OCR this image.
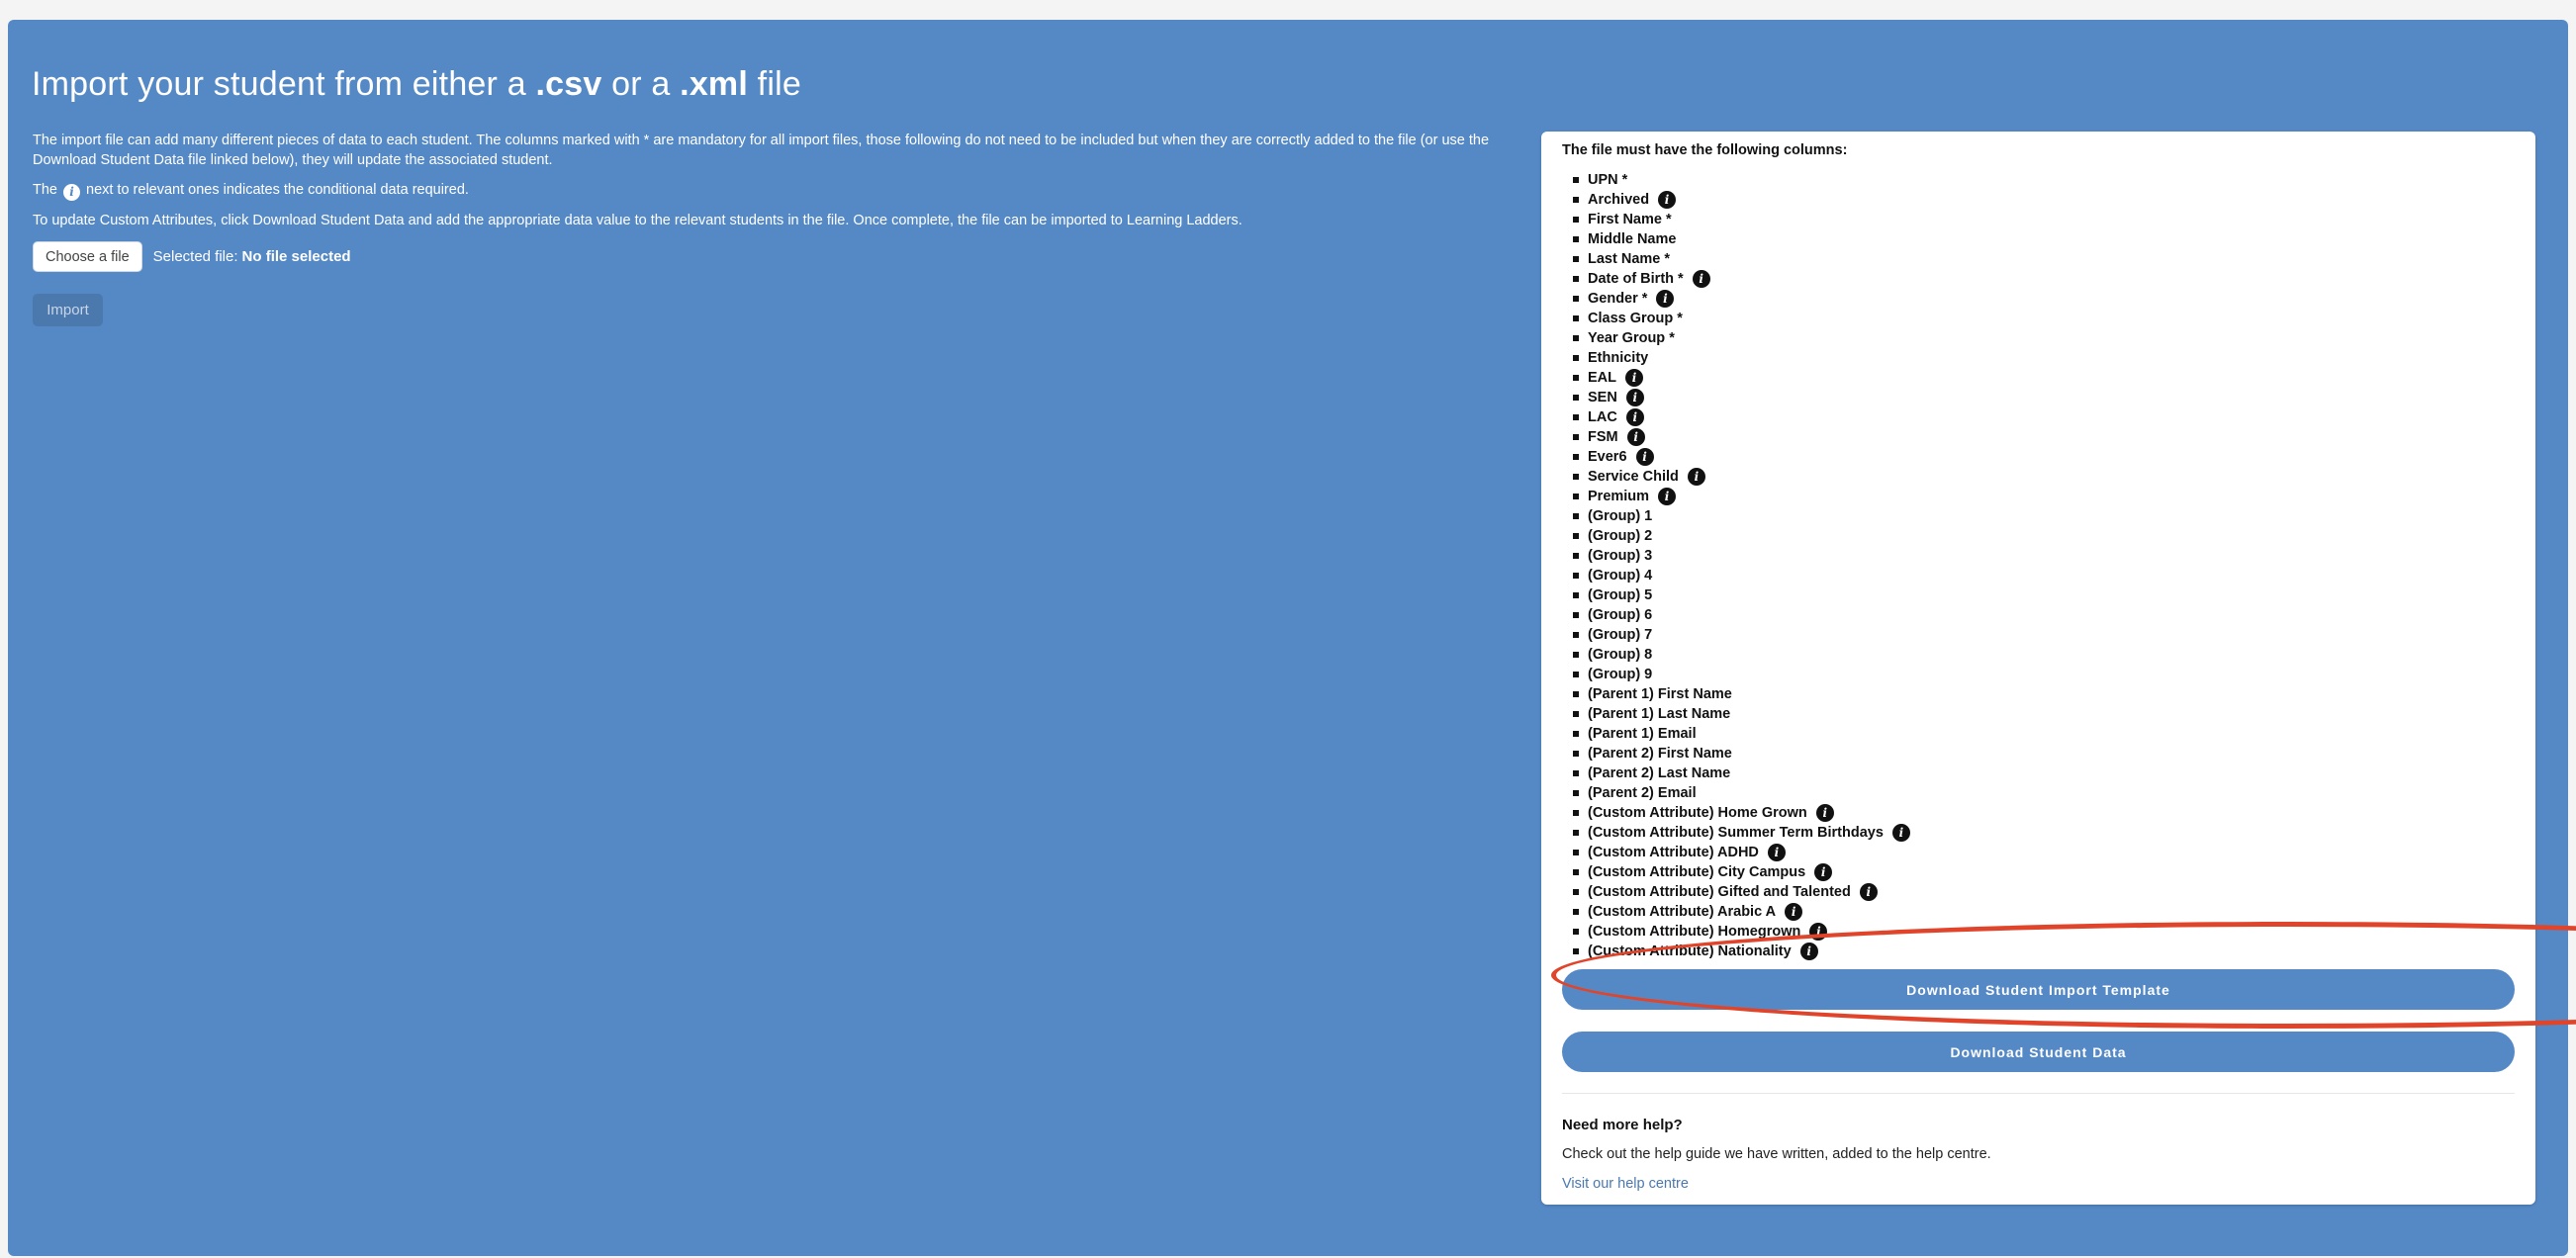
Import your student from either a .csv or a .xml file

The import file can add many different pieces of data to each student. The columns marked with * are mandatory for all import files, those following do not need to be included but when they are correctly added to the file (or use the Download Student Data file linked below), they will update the associated student.

The i next to relevant ones indicates the conditional data required.

To update Custom Attributes, click Download Student Data and add the appropriate data value to the relevant students in the file. Once complete, the file can be imported to Learning Ladders.

Choose a file	Selected file: No file selected
Import
The file must have the following columns:
UPN *
Archived	i
First Name *
Middle Name
Last Name *
Date of Birth *	i
Gender *	i
Class Group *
Year Group *
Ethnicity
EAL	i
SEN	i
LAC	i
FSM	i
Ever6	i
Service Child	i
Premium	i
(Group) 1
(Group) 2
(Group) 3
(Group) 4
(Group) 5
(Group) 6
(Group) 7
(Group) 8
(Group) 9
(Parent 1) First Name
(Parent 1) Last Name
(Parent 1) Email
(Parent 2) First Name
(Parent 2) Last Name
(Parent 2) Email
(Custom Attribute) Home Grown	i
(Custom Attribute) Summer Term Birthdays	i
(Custom Attribute) ADHD	i
(Custom Attribute) City Campus	i
(Custom Attribute) Gifted and Talented	i
(Custom Attribute) Arabic A	i
(Custom Attribute) Homegrown	i
(Custom Attribute) Nationality	i
Download Student Import Template
Download Student Data
Need more help?
Check out the help guide we have written, added to the help centre.
Visit our help centre
